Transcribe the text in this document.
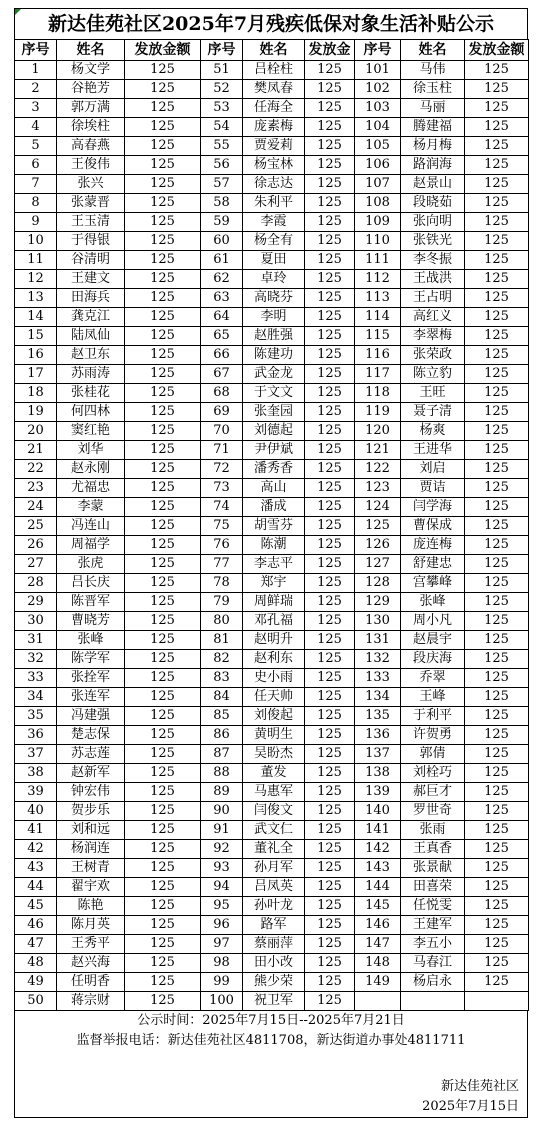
新达佳苑社区2025年7月残疾低保对象生活补贴公示
序号	姓名	发放金额	序号	姓名	发放金	序号	姓名	发放金额
1	杨文学	125	51	吕栓柱	125	101	马伟	125
2	谷艳芳	125	52	樊凤春	125	102	徐玉柱	125
3	郭万满	125	53	任海全	125	103	马丽	125
4	徐埃柱	125	54	庞素梅	125	104	腾建福	125
5	高春燕	125	55	贾爱莉	125	105	杨月梅	125
6	王俊伟	125	56	杨宝林	125	106	路润海	125
7	张兴	125	57	徐志达	125	107	赵景山	125
8	张蒙晋	125	58	朱利平	125	108	段晓茹	125
9	王玉清	125	59	李霞	125	109	张向明	125
10	于得银	125	60	杨全有	125	110	张铁光	125
11	谷清明	125	61	夏田	125	111	李冬振	125
12	王建文	125	62	卓玲	125	112	王战洪	125
13	田海兵	125	63	高晓芬	125	113	王占明	125
14	龚克江	125	64	李明	125	114	高红义	125
15	陆凤仙	125	65	赵胜强	125	115	李翠梅	125
16	赵卫东	125	66	陈建功	125	116	张荣政	125
17	苏雨涛	125	67	武金龙	125	117	陈立豹	125
18	张桂花	125	68	于文文	125	118	王旺	125
19	何四林	125	69	张奎园	125	119	聂子清	125
20	窦红艳	125	70	刘德起	125	120	杨爽	125
21	刘华	125	71	尹伊斌	125	121	王进华	125
22	赵永刚	125	72	潘秀香	125	122	刘启	125
23	尤福忠	125	73	高山	125	123	贾诘	125
24	李蒙	125	74	潘成	125	124	闫学海	125
25	冯连山	125	75	胡雪芬	125	125	曹保成	125
26	周福学	125	76	陈潮	125	126	庞连梅	125
27	张虎	125	77	李志平	125	127	舒建忠	125
28	吕长庆	125	78	郑宇	125	128	宫攀峰	125
29	陈晋军	125	79	周鲜瑞	125	129	张峰	125
30	曹晓芳	125	80	邓孔福	125	130	周小凡	125
31	张峰	125	81	赵明升	125	131	赵晨宇	125
32	陈学军	125	82	赵利东	125	132	段庆海	125
33	张拴军	125	83	史小雨	125	133	乔翠	125
34	张连军	125	84	任天帅	125	134	王峰	125
35	冯建强	125	85	刘俊起	125	135	于利平	125
36	楚志保	125	86	黄明生	125	136	许贺勇	125
37	苏志莲	125	87	吴盼杰	125	137	郭倩	125
38	赵新军	125	88	董发	125	138	刘栓巧	125
39	钟宏伟	125	89	马惠军	125	139	郝巨才	125
40	贺步乐	125	90	闫俊文	125	140	罗世奇	125
41	刘和远	125	91	武文仁	125	141	张雨	125
42	杨润连	125	92	董礼全	125	142	王真香	125
43	王树青	125	93	孙月军	125	143	张景献	125
44	翟宇欢	125	94	吕凤英	125	144	田喜荣	125
45	陈艳	125	95	孙叶龙	125	145	任悦雯	125
46	陈月英	125	96	路军	125	146	王建军	125
47	王秀平	125	97	蔡丽萍	125	147	李五小	125
48	赵兴海	125	98	田小改	125	148	马春江	125
49	任明香	125	99	熊少荣	125	149	杨启永	125
50	蒋宗财	125	100	祝卫军	125			
公示时间：2025年7月15日--2025年7月21日
监督举报电话：新达佳苑社区4811708，新达街道办事处4811711
新达佳苑社区
2025年7月15日
